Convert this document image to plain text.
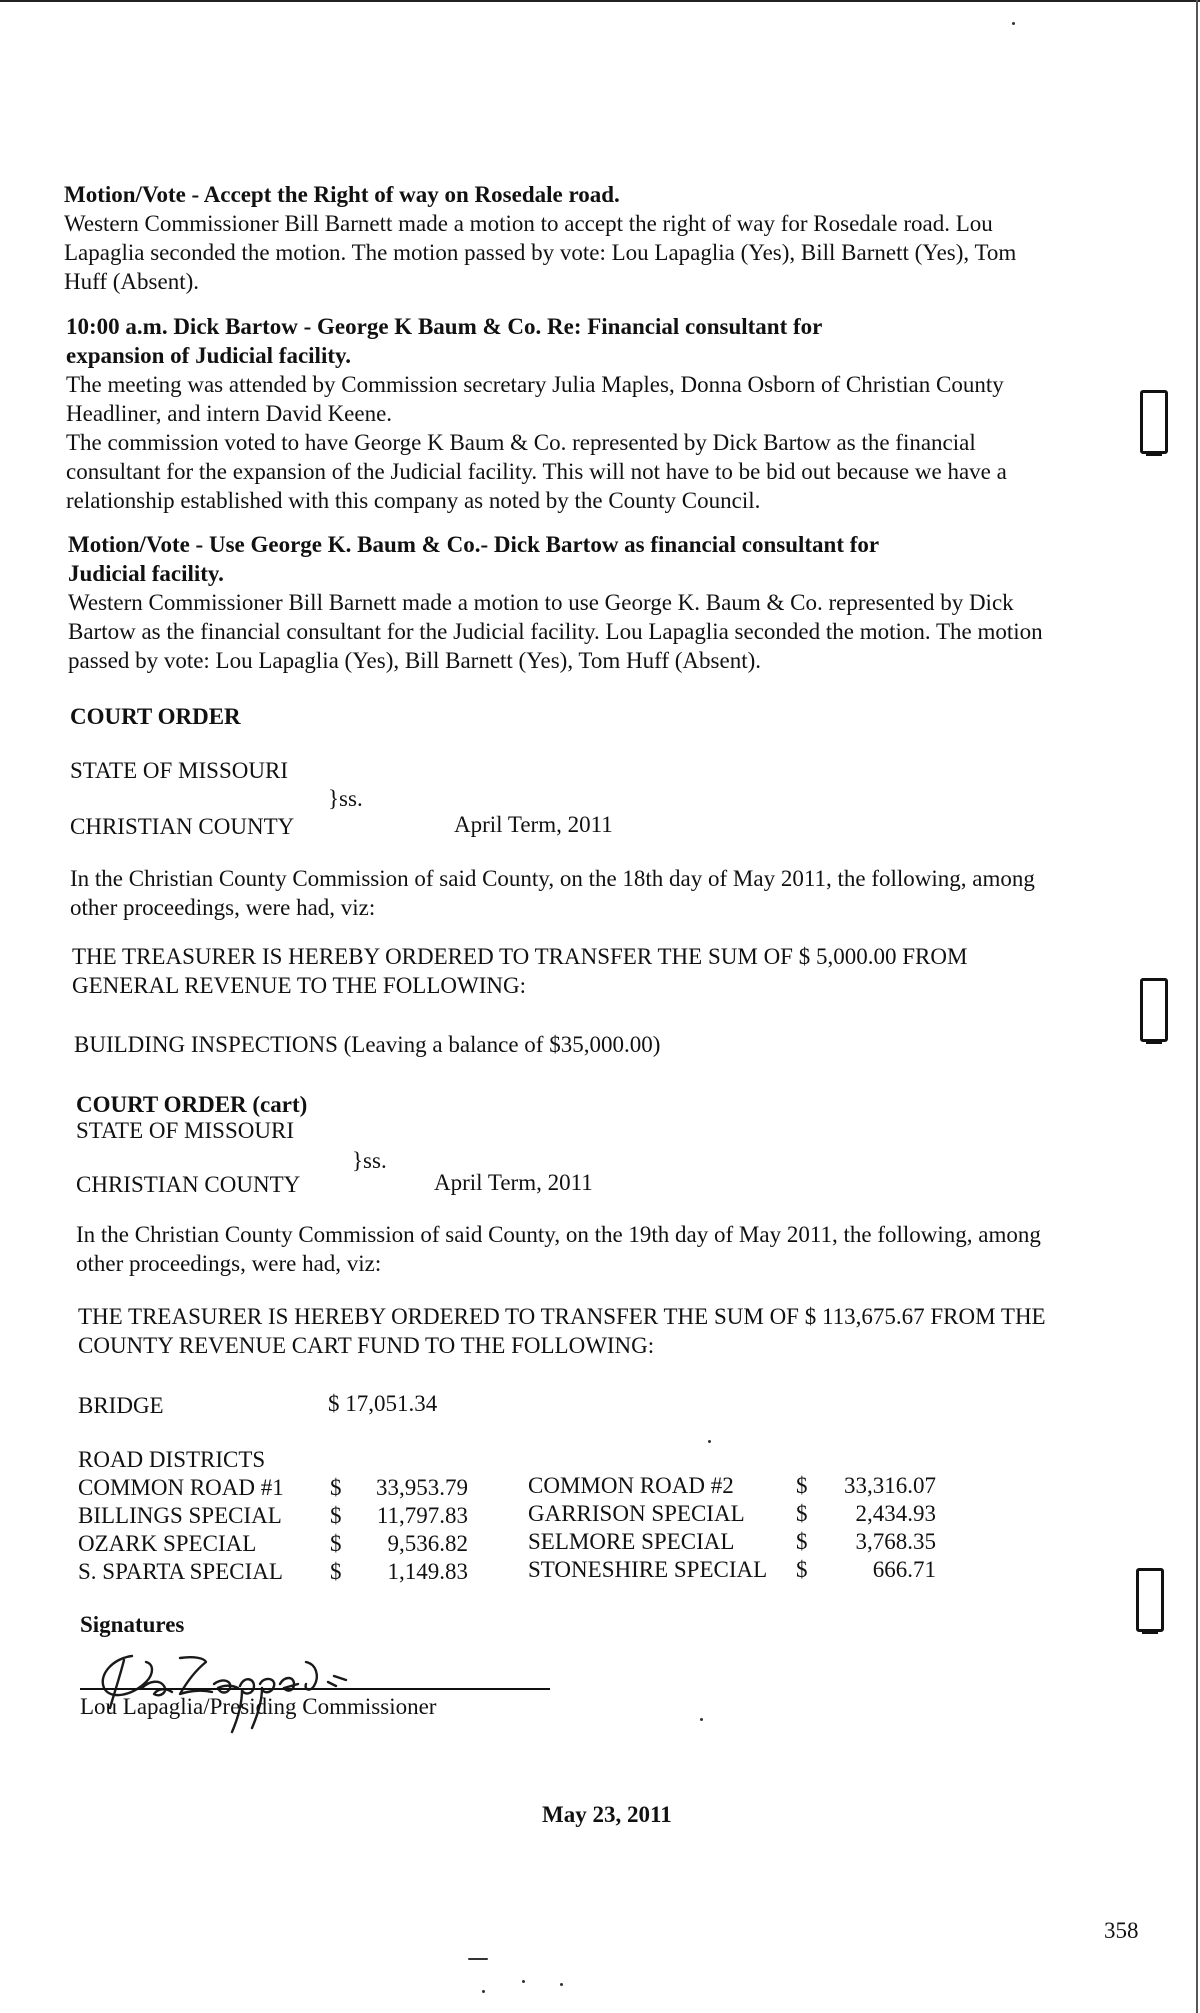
Motion/Vote - Accept the Right of way on Rosedale road.
Western Commissioner Bill Barnett made a motion to accept the right of way for Rosedale road. Lou
Lapaglia seconded the motion. The motion passed by vote: Lou Lapaglia (Yes), Bill Barnett (Yes), Tom
Huff (Absent).
10:00 a.m. Dick Bartow - George K Baum & Co. Re: Financial consultant for
expansion of Judicial facility.
The meeting was attended by Commission secretary Julia Maples, Donna Osborn of Christian County
Headliner, and intern David Keene.
The commission voted to have George K Baum & Co. represented by Dick Bartow as the financial
consultant for the expansion of the Judicial facility. This will not have to be bid out because we have a
relationship established with this company as noted by the County Council.
Motion/Vote - Use George K. Baum & Co.- Dick Bartow as financial consultant for
Judicial facility.
Western Commissioner Bill Barnett made a motion to use George K. Baum & Co. represented by Dick
Bartow as the financial consultant for the Judicial facility. Lou Lapaglia seconded the motion. The motion
passed by vote: Lou Lapaglia (Yes), Bill Barnett (Yes), Tom Huff (Absent).
COURT ORDER
STATE OF MISSOURI
}ss.
CHRISTIAN COUNTY	April Term, 2011
In the Christian County Commission of said County, on the 18th day of May 2011, the following, among
other proceedings, were had, viz:
THE TREASURER IS HEREBY ORDERED TO TRANSFER THE SUM OF $ 5,000.00 FROM
GENERAL REVENUE TO THE FOLLOWING:
BUILDING INSPECTIONS (Leaving a balance of $35,000.00)
COURT ORDER (cart)
STATE OF MISSOURI
}ss.
CHRISTIAN COUNTY	April Term, 2011
In the Christian County Commission of said County, on the 19th day of May 2011, the following, among
other proceedings, were had, viz:
THE TREASURER IS HEREBY ORDERED TO TRANSFER THE SUM OF $ 113,675.67 FROM THE
COUNTY REVENUE CART FUND TO THE FOLLOWING:
BRIDGE	$ 17,051.34
ROAD DISTRICTS
COMMON ROAD #1 $	33,953.79
BILLINGS SPECIAL $	11,797.83
OZARK SPECIAL	$	9,536.82
S. SPARTA SPECIAL $	1,149.83
COMMON ROAD #2	$	33,316.07
GARRISON SPECIAL $	2,434.93
SELMORE SPECIAL	$	3,768.35
STONESHIRE SPECIAL $	666.71
Signatures
Lou Lapaglia/Presiding Commissioner
May 23, 2011
358
